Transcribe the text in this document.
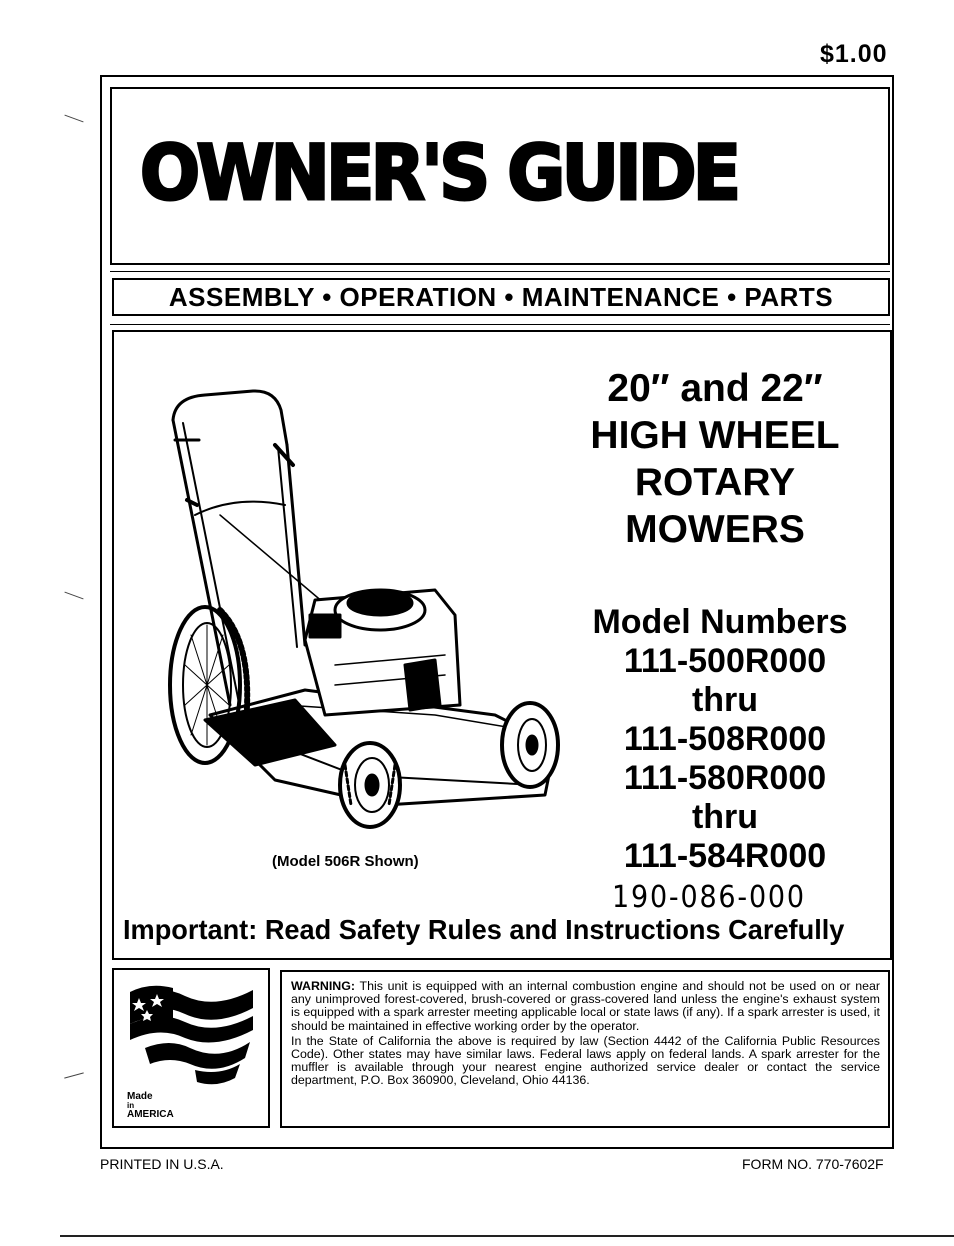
$1.00
OWNER'S GUIDE
ASSEMBLY • OPERATION • MAINTENANCE • PARTS
20″ and 22″
HIGH WHEEL
ROTARY
MOWERS
Model Numbers
111-500R000
thru
111-508R000
111-580R000
thru
111-584R000
190-086-000
(Model 506R Shown)
Important: Read Safety Rules and Instructions Carefully
Made
in
AMERICA

WARNING: This unit is equipped with an internal combustion engine and should not be used on or near any unimproved forest-covered, brush-covered or grass-covered land unless the engine's exhaust system is equipped with a spark arrester meeting applicable local or state laws (if any). If a spark arrester is used, it should be maintained in effective working order by the operator.

In the State of California the above is required by law (Section 4442 of the California Public Resources Code). Other states may have similar laws. Federal laws apply on federal lands. A spark arrester for the muffler is available through your nearest engine authorized service dealer or contact the service department, P.O. Box 360900, Cleveland, Ohio 44136.

PRINTED IN U.S.A.	FORM NO. 770-7602F
